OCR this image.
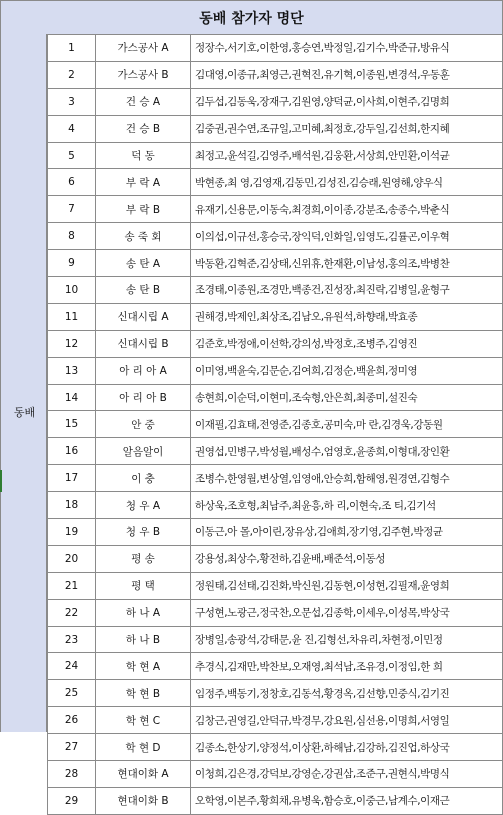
동배 참가자 명단
동배
1	가스공사 A	정장수,서기호,이한영,홍승연,박정일,김기수,박준규,방유식
2	가스공사 B	김대영,이종규,최영근,권혁진,유기혁,이종원,변경석,우동훈
3	건 승 A	김두섭,김동욱,장재구,김원영,양덕균,이사희,이현주,김명희
4	건 승 B	김중권,권수연,조규일,고미혜,최정호,강두일,김선희,한지혜
5	덕 동	최정고,윤석길,김영주,배석원,김웅환,서상희,안민환,이석균
6	부 락 A	박현종,최 영,김영재,김동민,김성진,김승래,원영해,양우식
7	부 락 B	유재기,신용문,이동숙,최경희,이이종,강분조,송종수,박춘식
8	송 죽 회	이의섭,이규선,홍승국,장익덕,인화일,임영도,김률곤,이우혁
9	송 탄 A	박동환,김혁준,김상태,신위휴,한재환,이남성,홍의조,박병찬
10	송 탄 B	조경태,이종원,조경만,백종건,진성장,최진락,김병일,윤형구
11	신대시립 A	권해경,박제인,최상조,김남오,유원석,하향래,박효종
12	신대시립 B	김준호,박정애,이선학,강의성,박정호,조병주,김영진
13	아 리 아 A	이미영,백윤숙,김문순,김여희,김정순,백윤희,정미영
14	아 리 아 B	송현희,이순덕,이현미,조숙형,안은희,최종미,설진숙
15	안 중	이재필,김효태,전영준,김종호,공미숙,마 란,김경욱,강동원
16	알음알이	권영섭,민병구,박성월,배성수,엄영호,윤종희,이형대,장인환
17	이 충	조병수,한영월,변상열,임영애,안승희,함해영,원경연,김형수
18	청 우 A	하상욱,조호형,최남주,최윤흥,하 리,이현숙,조 티,김기석
19	청 우 B	이동근,아 몰,아이린,장유상,김애희,장기영,김주현,박정균
20	평 송	강용성,최상수,황전하,김윤배,배준석,이동성
21	평 택	정원태,김선태,김진화,박신원,김동현,이성현,김필재,윤영희
22	하 나 A	구성현,노광근,정국찬,오문섭,김종학,이세우,이성목,박상국
23	하 나 B	장병일,송광석,강태문,윤 진,김형선,차유리,차현정,이민정
24	학 현 A	추경식,김재만,박찬보,오재영,최석남,조유경,이정임,한 희
25	학 현 B	임정주,백동기,정창호,김동석,황경옥,김선향,민중식,김기진
26	학 현 C	김창근,권영길,안덕규,박경무,강요원,심선용,이명희,서영일
27	학 현 D	김종소,한상기,양정석,이상환,하해남,김강하,김진업,하상국
28	현대이화 A	이청희,김은경,강덕보,강영순,강권삼,조준구,권현식,박명식
29	현대이화 B	오학영,이본주,황희채,유병욱,함승호,이중근,남계수,이재근
